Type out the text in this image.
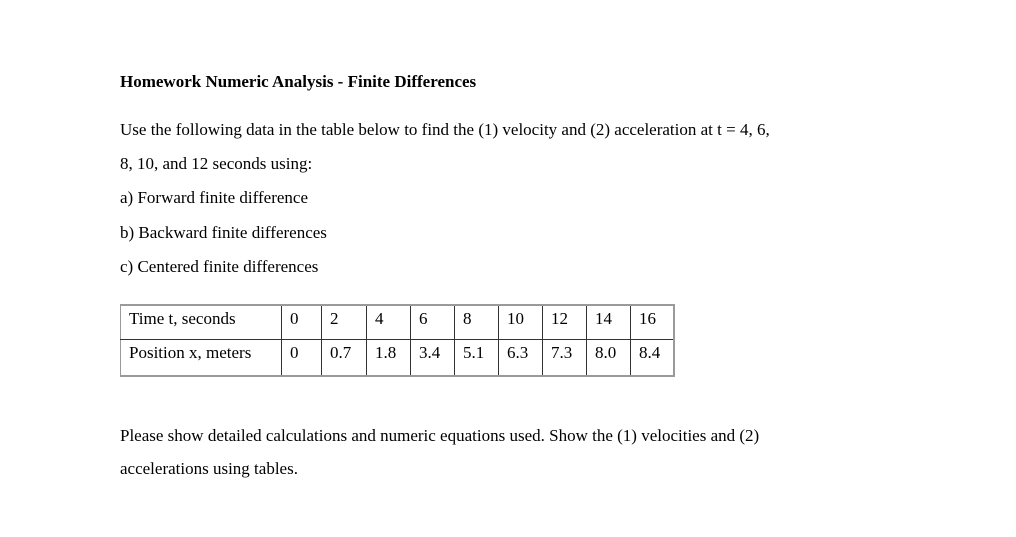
Homework Numeric Analysis - Finite Differences
Use the following data in the table below to find the (1) velocity and (2) acceleration at t = 4, 6,
8, 10, and 12 seconds using:
a) Forward finite difference
b) Backward finite differences
c) Centered finite differences
Time t, seconds	0	2	4	6	8	10	12	14	16
Position x, meters	0	0.7	1.8	3.4	5.1	6.3	7.3	8.0	8.4
Please show detailed calculations and numeric equations used. Show the (1) velocities and (2)
accelerations using tables.
